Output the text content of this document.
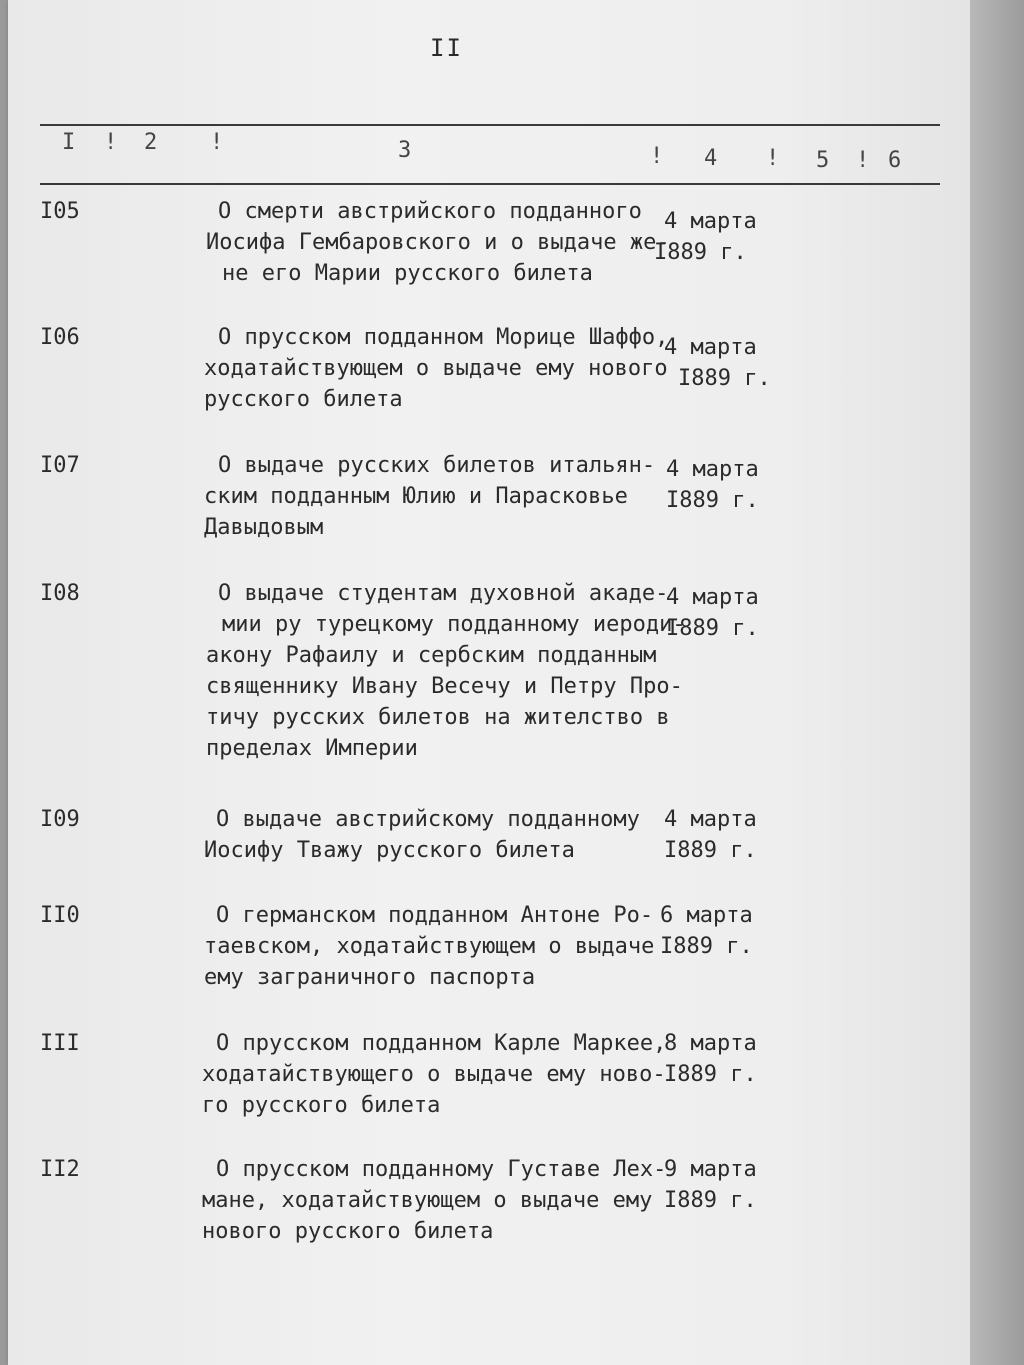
II
I ! 2 !	3	! 4 ! 5 ! 6
I05	О смерти австрийского подданного
Иосифа Гембаровского и о выдаче же-
не его Марии русского билета
4 марта
I889 г.
I06	О прусском подданном Морице Шаффо,
ходатайствующем о выдаче ему нового
русского билета
4 марта
I889 г.
I07	О выдаче русских билетов итальян-
ским подданным Юлию и Парасковье
Давыдовым
4 марта
I889 г.
I08	О выдаче студентам духовной акаде-
мии ру турецкому подданному иероди-
акону Рафаилу и сербским подданным
священнику Ивану Весечу и Петру Про-
тичу русских билетов на жителство в
пределах Империи
4 марта
I889 г.
I09	О выдаче австрийскому подданному
Иосифу Тважу русского билета
4 марта
I889 г.
II0	О германском подданном Антоне Ро-
таевском, ходатайствующем о выдаче
ему заграничного паспорта
6 марта
I889 г.
III	О прусском подданном Карле Маркее,
ходатайствующего о выдаче ему ново-
го русского билета
8 марта
I889 г.
II2	О прусском подданному Густаве Лех-
мане, ходатайствующем о выдаче ему
нового русского билета
9 марта
I889 г.
